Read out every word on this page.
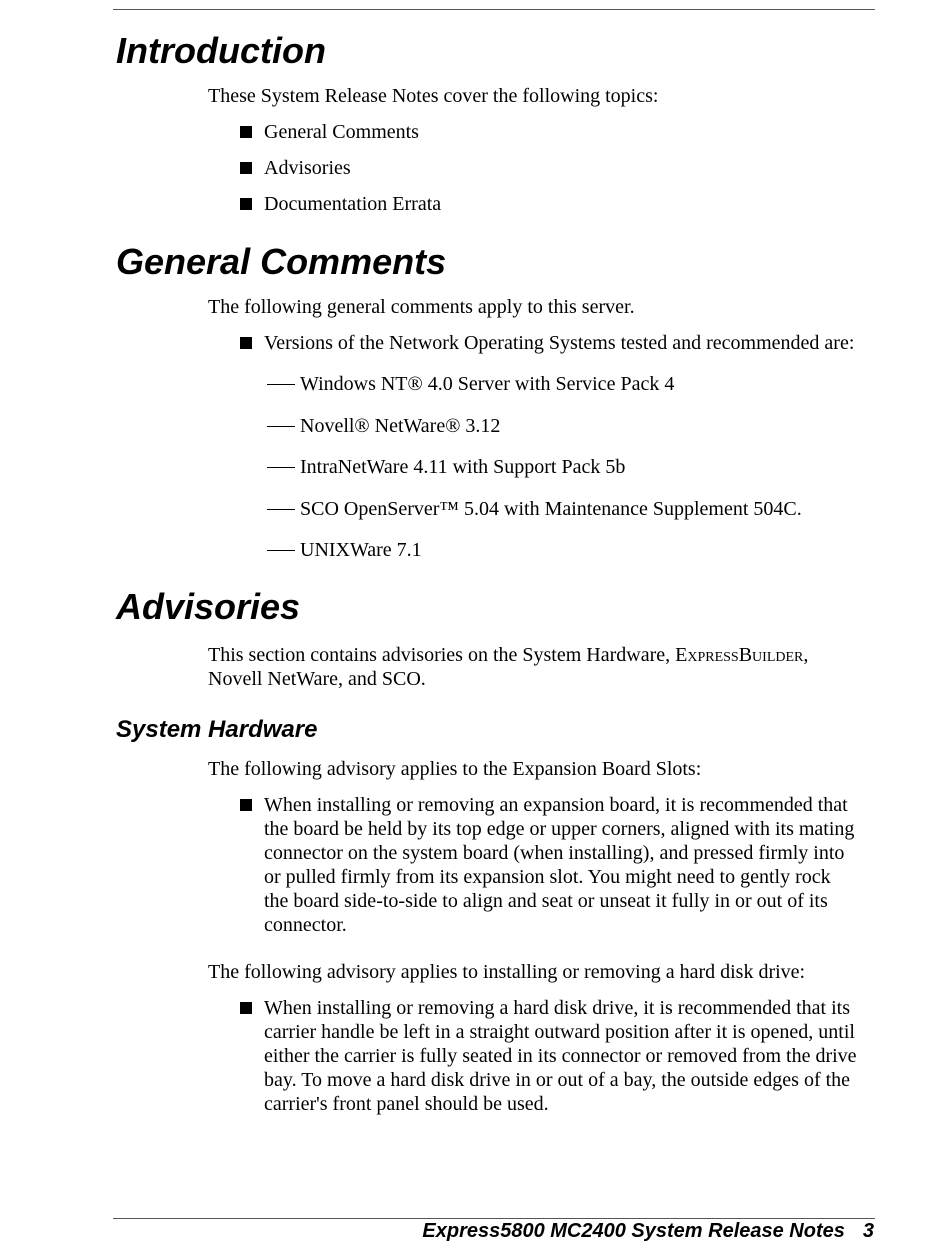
Introduction

These System Release Notes cover the following topics:

General Comments
Advisories
Documentation Errata
General Comments

The following general comments apply to this server.

Versions of the Network Operating Systems tested and recommended are:
Windows NT® 4.0 Server with Service Pack 4
Novell® NetWare® 3.12
IntraNetWare 4.11 with Support Pack 5b
SCO OpenServer™ 5.04 with Maintenance Supplement 504C.
UNIXWare 7.1
Advisories

This section contains advisories on the System Hardware, ExpressBuilder,

Novell NetWare, and SCO.

System Hardware

The following advisory applies to the Expansion Board Slots:

When installing or removing an expansion board, it is recommended that
the board be held by its top edge or upper corners, aligned with its mating
connector on the system board (when installing), and pressed firmly into
or pulled firmly from its expansion slot. You might need to gently rock
the board side-to-side to align and seat or unseat it fully in or out of its
connector.

The following advisory applies to installing or removing a hard disk drive:

When installing or removing a hard disk drive, it is recommended that its
carrier handle be left in a straight outward position after it is opened, until
either the carrier is fully seated in its connector or removed from the drive
bay. To move a hard disk drive in or out of a bay, the outside edges of the
carrier's front panel should be used.
Express5800 MC2400 System Release Notes 3
